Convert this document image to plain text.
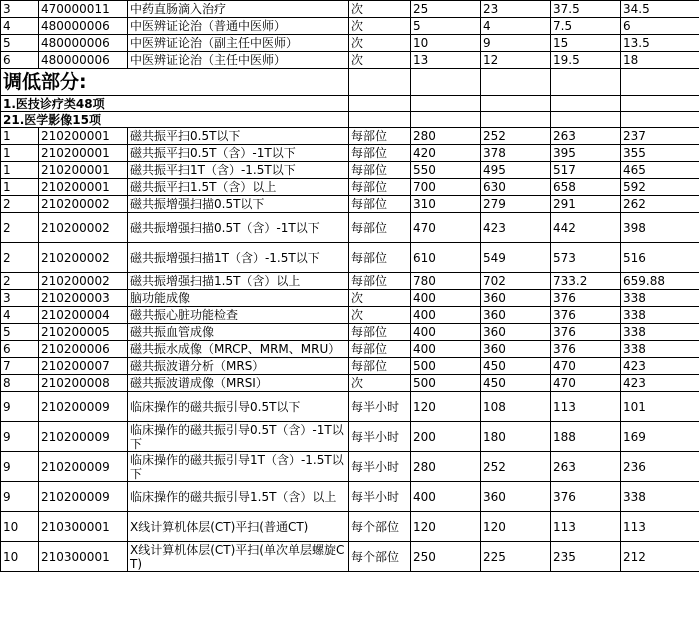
3	470000011	中药直肠滴入治疗	次	25	23	37.5	34.5
4	480000006	中医辨证论治（普通中医师）	次	5	4	7.5	6
5	480000006	中医辨证论治（副主任中医师）	次	10	9	15	13.5
6	480000006	中医辨证论治（主任中医师）	次	13	12	19.5	18
调低部分:							
1.医技诊疗类48项							
21.医学影像15项							
1	210200001	磁共振平扫0.5T以下	每部位	280	252	263	237
1	210200001	磁共振平扫0.5T（含）-1T以下	每部位	420	378	395	355
1	210200001	磁共振平扫1T（含）-1.5T以下	每部位	550	495	517	465
1	210200001	磁共振平扫1.5T（含）以上	每部位	700	630	658	592
2	210200002	磁共振增强扫描0.5T以下	每部位	310	279	291	262
2	210200002	磁共振增强扫描0.5T（含）-1T以下	每部位	470	423	442	398
2	210200002	磁共振增强扫描1T（含）-1.5T以下	每部位	610	549	573	516
2	210200002	磁共振增强扫描1.5T（含）以上	每部位	780	702	733.2	659.88
3	210200003	脑功能成像	次	400	360	376	338
4	210200004	磁共振心脏功能检查	次	400	360	376	338
5	210200005	磁共振血管成像	每部位	400	360	376	338
6	210200006	磁共振水成像（MRCP、MRM、MRU）	每部位	400	360	376	338
7	210200007	磁共振波谱分析（MRS）	每部位	500	450	470	423
8	210200008	磁共振波谱成像（MRSI）	次	500	450	470	423
9	210200009	临床操作的磁共振引导0.5T以下	每半小时	120	108	113	101
9	210200009	临床操作的磁共振引导0.5T（含）-1T以下	每半小时	200	180	188	169
9	210200009	临床操作的磁共振引导1T（含）-1.5T以下	每半小时	280	252	263	236
9	210200009	临床操作的磁共振引导1.5T（含）以上	每半小时	400	360	376	338
10	210300001	X线计算机体层(CT)平扫(普通CT)	每个部位	120	120	113	113
10	210300001	X线计算机体层(CT)平扫(单次单层螺旋CT)	每个部位	250	225	235	212
